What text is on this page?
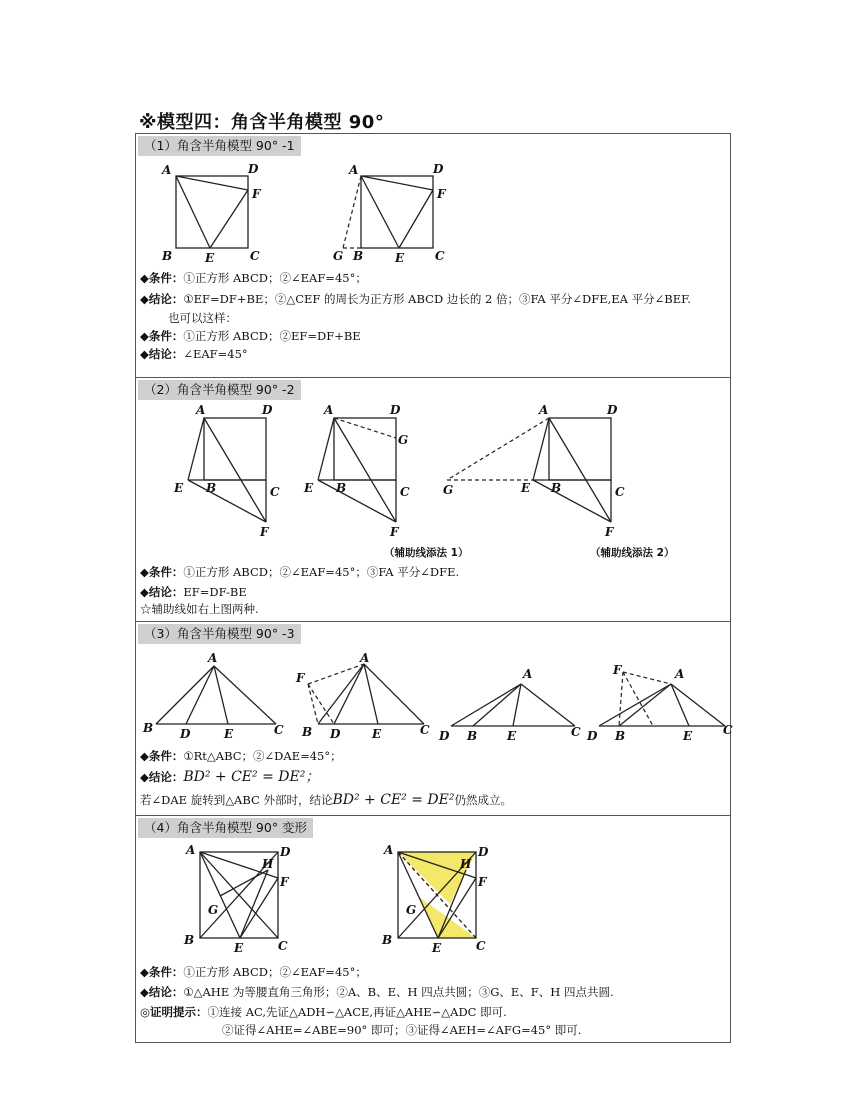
※模型四：角含半角模型 90°
（1）角含半角模型 90° -1
A	D
F
B	E	C
A	D
F
G B	E	C
◆条件：①正方形 ABCD；②∠EAF=45°；
◆结论：①EF=DF+BE；②△CEF 的周长为正方形 ABCD 边长的 2 倍；③FA 平分∠DFE,EA 平分∠BEF.
也可以这样：
◆条件：①正方形 ABCD；②EF=DF+BE
◆结论：∠EAF=45°
（2）角含半角模型 90° -2
A	D
E B	C
F
A	D
G
E B	C
F
A	D
G	E B	C
F
（辅助线添法 1）	（辅助线添法 2）
◆条件：①正方形 ABCD；②∠EAF=45°；③FA 平分∠DFE.
◆结论：EF=DF-BE
☆辅助线如右上图两种.
（3）角含半角模型 90° -3
A
B D	E	C
A
F
B D	E	C
A
D B E	C
A
F
D B	E	C
◆条件：①Rt△ABC；②∠DAE=45°；
◆结论：BD² + CE² = DE²；
若∠DAE 旋转到△ABC 外部时，结论BD² + CE² = DE²仍然成立。
（4）角含半角模型 90° 变形
A	D
H
F
G
B
E	C
A	D
H
F
G
B
E	C
◆条件：①正方形 ABCD；②∠EAF=45°；
◆结论：①△AHE 为等腰直角三角形；②A、B、E、H 四点共圆；③G、E、F、H 四点共圆.
◎证明提示：①连接 AC,先证△ADH∽△ACE,再证△AHE∽△ADC 即可.
②证得∠AHE=∠ABE=90° 即可；③证得∠AEH=∠AFG=45° 即可.
